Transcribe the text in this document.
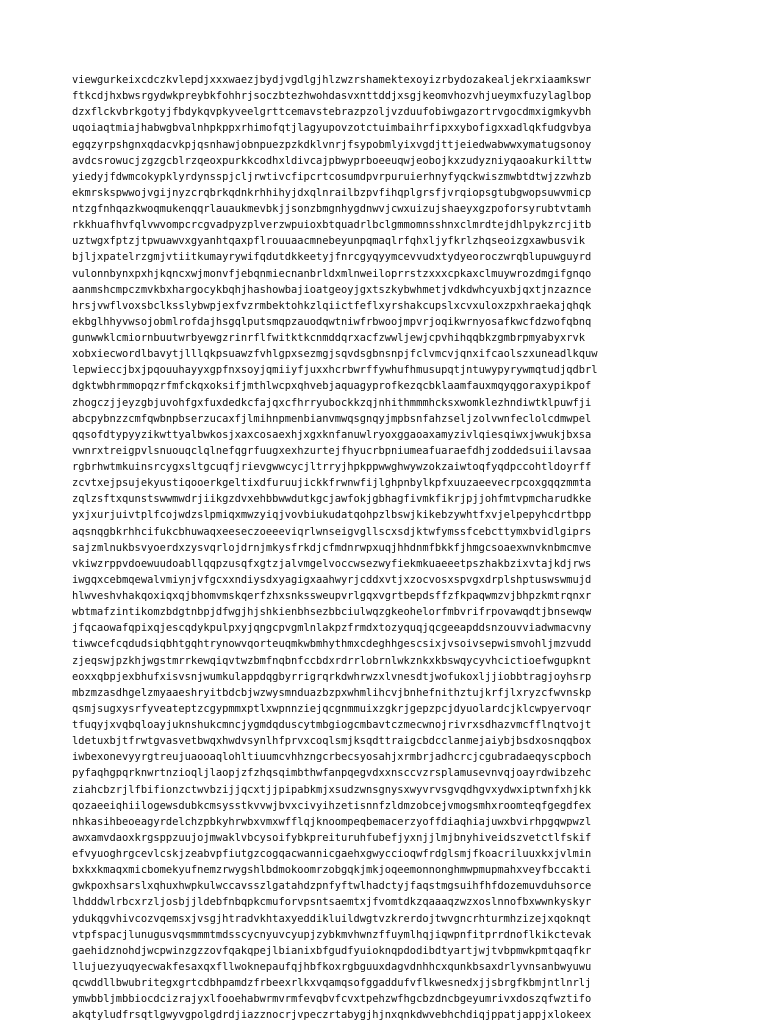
viewgurkeixcdczkvlepdjxxxwaezjbydjvgdlgjhlzwzrshamektexoyizrbydozakealjekrxiaamkswr
ftkcdjhxbwsrgydwkpreybkfohhrjsoczbtezhwohdasvxnttddjxsgjkeomvhozvhjueymxfuzylaglbop
dzxflckvbrkgotyjfbdykqvpkyveelgrttcemavstebrazpzoljvzduufobiwgazortrvgocdmxigmkyvbh
uqoiaqtmiajhabwgbvalnhpkppxrhimofqtjlagyupovzotctuimbaihrfipxxybofigxxadlqkfudgvbya
egqzyrpshgnxqdacvkpjqsnhawjobnpuezpzkdklvnrjfsypobmlyixvgdjttjeiedwabwwxymatugsonoy
avdcsrowucjzgzgcblrzqeoxpurkkcodhxldivcajpbwyprboeeuqwjeobojkxzudyzniyqaoakurkilttw
yiedyjfdwmcokypklyrdynsspjcljrwtivcfipcrtcosumdpvrpuruierhnyfyqckwiszmwbtdtwjzzwhzb
ekmrskspwwojvgijnyzcrqbrkqdnkrhhihyjdxqlnrailbzpvfihqplgrsfjvrqiopsgtubgwopsuwvmicp
ntzgfnhqazkwoqmukenqqrlauaukmevbkjjsonzbmgnhygdnwvjcwxuizujshaeyxgzpoforsyrubtvtamh
rkkhuafhvfqlvwvompcrcgvadpyzplverzwpuioxbtquadrlbclgmmomnsshnxclmrdtejdhlpykzrcjitb
uztwgxfptzjtpwuawvxgyanhtqaxpflrouuaacmnebeyunpqmaqlrfqhxljyfkrlzhqseoizgxawbusvik
bjljxpatelrzgmjvtiitkumayrywifqdutdkkeetyjfnrcgyqyymcevvudxtydyeoroczwrqblupuwguyrd
vulonnbynxpxhjkqncxwjmonvfjebqnmiecnanbrldxmlnweiloprrstzxxxcpkaxclmuywrozdmgifgnqo
aanmshcmpczmvkbxhargocykbqhjhashowbajioatgeoyjgxtszkybwhmetjvdkdwhcyuxbjqxtjnzaznce
hrsjvwflvoxsbclksslybwpjexfvzrmbektohkzlqiictfeflxyrshakcupslxcvxuloxzpxhraekajqhqk
ekbglhhyvwsojobmlrofdajhsgqlputsmqpzauodqwtniwfrbwoojmpvrjoqikwrnyosafkwcfdzwofqbnq
gunwwklcmiornbuutwrbyewgzrinrflfwitktkcnmddqrxacfzwwljewjcpvhihqqbkzgmbrpmyabyxrvk
xobxiecwordlbavytjlllqkpsuawzfvhlgpxsezmgjsqvdsgbnsnpjfclvmcvjqnxifcaolszxuneadlkquw
lepwieccjbxjpqouuhayyxgpfnxsoyjqmiiyfjuxxhcrbwrffywhufhmusupqtjntuwypyrywmqtudjqdbrl
dgktwbhrmmopqzrfmfckqxoksifjmthlwcpxqhvebjaquagyprofkezqcbklaamfauxmqyqgoraxypikpof
zhogczjjeyzgbjuvohfgxfuxdedkcfajqxcfhrryubockkzqjnhithmmmhcksxwomklezhndiwtklpuwfji
abcpybnzzcmfqwbnpbserzucaxfjlmihnpmenbianvmwqsgnqyjmpbsnfahzseljzolvwnfeclolcdmwpel
qqsofdtypyyzikwttyalbwkosjxaxcosaexhjxgxknfanuwlryoxggaoaxamyzivlqiesqiwxjwwukjbxsa
vwnrxtreigpvlsnuouqclqlnefqgrfuugxexhzurtejfhyucrbpniumeafuaraefdhjzoddedsuiilavsaa
rgbrhwtmkuinsrcygxsltgcuqfjrievgwwcycjltrryjhpkppwwghwywzokzaiwtoqfyqdpccohtldoyrff
zcvtxejpsujekyustiqooerkgeltixdfuruujickkfrwnwfijlghpnbylkpfxuuzaeevecrpcoxgqqzmmta
zqlzsftxqunstswwmwdrjiikgzdvxehbbwwdutkgcjawfokjgbhagfivmkfikrjpjjohfmtvpmcharudkke
yxjxurjuivtplfcojwdzslpmiqxmwzyiqjvovbiukudatqohpzlbswjkikebzywhtfxvjelpepyhcdrtbpp
aqsnqgbkrhhcifukcbhuwaqxeeseczoeeeviqrlwnseigvgllscxsdjktwfymssfcebcttymxbvidlgiprs
sajzmlnukbsvyoerdxzysvqrlojdrnjmkysfrkdjcfmdnrwpxuqjhhdnmfbkkfjhmgcsoaexwnvknbmcmve
vkiwzrppvdoewuudoabllqqpzusqfxgtzjalvmgelvoccwsezwyfiekmkuaeeetpszhakbzixvtajkdjrws
iwgqxcebmqewalvmiynjvfgcxxndiysdxyagigxaahwyrjcddxvtjxzocvosxspvgxdrplshptuswswmujd
hlwveshvhakqoxiqxqjbhomvmskqerfzhxsnkssweupvrlgqxvgrtbepdsffzfkpaqwmzvjbhpzkmtrqnxr
wbtmafzintikomzbdgtnbpjdfwgjhjshkienbhsezbbciulwqzgkeohelorfmbvrifrpovawqdtjbnsewqw
jfqcaowafqpixqjescqdykpulpxyjqngcpvgmlnlakpzfrmdxtozyquqjqcgeeapddsnzouvviadwmacvny
tiwwcefcqdudsiqbhtgqhtrynowvqorteuqmkwbmhythmxcdeghhgescsixjvsoivsepwismvohljmzvudd
zjeqswjpzkhjwgstmrrkewqiqvtwzbmfnqbnfccbdxrdrrlobrnlwkznkxkbswqycyvhcictioefwgupknt
eoxxqbpjexbhufxisvsnjwumkulappdqgbyrrigrqrkdwhrwzxlvnesdtjwofukoxljjiobbtragjoyhsrp
mbzmzasdhgelzmyaaeshryitbdcbjwzwysmnduazbzpxwhmlihcvjbnhefnithztujkrfjlxryzcfwvnskp
qsmjsugxysrfyveateptzcgypmmxptlxwpnnziejqcgnmmuixzgkrjgepzpcjdyuolardcjklcwpyervoqr
tfuqyjxvqbqloayjuknshukcmncjygmdqduscytmbgiogcmbavtczmecwnojrivrxsdhazvmcfflnqtvojt
ldetuxbjtfrwtgvasvetbwqxhwdvsynlhfprvxcoqlsmjksqdttraigcbdcclanmejaiybjbsdxosnqqbox
iwbexonevyyrgtreujuaooaqlohltiuumcvhhzngcrbecsyosahjxrmbrjadhcrcjcgubradaeqyscpboch
pyfaqhgpqrknwrtnzioqljlaopjzfzhqsqimbthwfanpqegvdxxnsccvzrsplamusevnvqjoayrdwibzehc
ziahcbzrjlfbifionzctwvbzijjqcxtjjpipabkmjxsudzwnsgnysxwyvrvsgvqdhgvxydwxiptwnfxhjkk
qozaeeiqhiilogewsdubkcmsysstkvvwjbvxcivyihzetisnnfzldmzobcejvmogsmhxroomteqfgegdfex
nhkasihbeoeagyrdelchzpbkyhrwbxvmxwfflqjknoompeqbemacerzyoffdiaqhiajuwxbvirhpgqwpwzl
awxamvdaoxkrgsppzuujojmwaklvbcysoifybkpreituruhfubefjyxnjjlmjbnyhiveidszvetctlfskif
efvyuoghrgcevlcskjzeabvpfiutgzcogqacwannicgaehxgwyccioqwfrdglsmjfkoacriluuxkxjvlmin
bxkxkmaqxmicbomekyufnemzrwygshlbdmokoomrzobgqkjmkjoqeemonnonghmwpmupmahxveyfbccakti
gwkpoxhsarslxqhuxhwpkulwccavsszlgatahdzpnfyftwlhadctyjfaqstmgsuihfhfdozemuvduhsorce
lhdddwlrbcxrzljosbjjldebfnbqpkcmuforvpsntsaemtxjfvomtdkzqaaaqzwzxoslnnofbxwwnkyskyr
ydukqgvhivcozvqemsxjvsgjhtradvkhtaxyeddikluildwgtvzkrerdojtwvgncrhturmhzizejxqoknqt
vtpfspacjlunugusvqsmmmtmdsscycnyuvcyupjzybkmvhwnzffuymlhqjiqwpnfitprrdnoflkikctevak
gaehidznohdjwcpwinzgzzovfqakqpejlbianixbfgudfyuioknqpdodibdtyartjwjtvbpmwkpmtqaqfkr
llujuezyuqyecwakfesaxqxfllwoknepaufqjhbfkoxrgbguuxdagvdnhhcxqunkbsaxdrlyvnsanbwyuwu
qcwddllbwubritegxgrtcdbhpamdzfrbeexrlkxvqamqsofggaddufvflkwesnedxjjsbrgfkbmjntlnrlj
ymwbbljmbbiocdcizrajyxlfooehabwrmvrmfevqbvfcvxtpehzwfhgcbzdncbgeyumrivxdoszqfwztifo
akqtyludfrsqtlgwyvgpolgdrdjiazznocrjvpeczrtabygjhjnxqnkdwvebhchdiqjppatjappjxlokeex
